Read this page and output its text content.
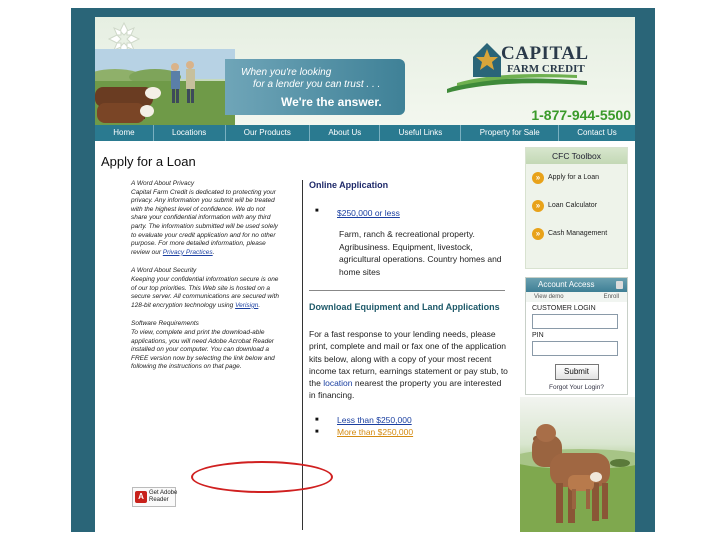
When you're looking
for a lender you can trust . . .
We're the answer.
CAPITAL
FARM CREDIT
1-877-944-5500
Home	Locations	Our Products	About Us	Useful Links	Property for Sale	Contact Us
Apply for a Loan
A Word About Privacy
Capital Farm Credit is dedicated to protecting your privacy. Any information you submit will be treated with the highest level of confidence. We do not share your confidential information with any third party. The information submitted will be used solely to evaluate your credit application and for no other purpose. For more detailed information, please review our Privacy Practices.
A Word About Security
Keeping your confidential information secure is one of our top priorities. This Web site is hosted on a secure server. All communications are secured with 128-bit encryption technology using Verisign.
Software Requirements
To view, complete and print the download-able applications, you will need Adobe Acrobat Reader installed on your computer. You can download a FREE version now by selecting the link below and following the instructions on that page.
A Get Adobe
Reader
Online Application
■ $250,000 or less
Farm, ranch & recreational property. Agribusiness. Equipment, livestock, agricultural operations. Country homes and home sites
Download Equipment and Land Applications
For a fast response to your lending needs, please print, complete and mail or fax one of the application kits below, along with a copy of your most recent income tax return, earnings statement or pay stub, to the location nearest the property you are interested in financing.
■ Less than $250,000
■ More than $250,000
CFC Toolbox
»	Apply for a Loan
»	Loan Calculator
»	Cash Management
Account Access
View demo	Enroll
CUSTOMER LOGIN
PIN
Submit
Forgot Your Login?
